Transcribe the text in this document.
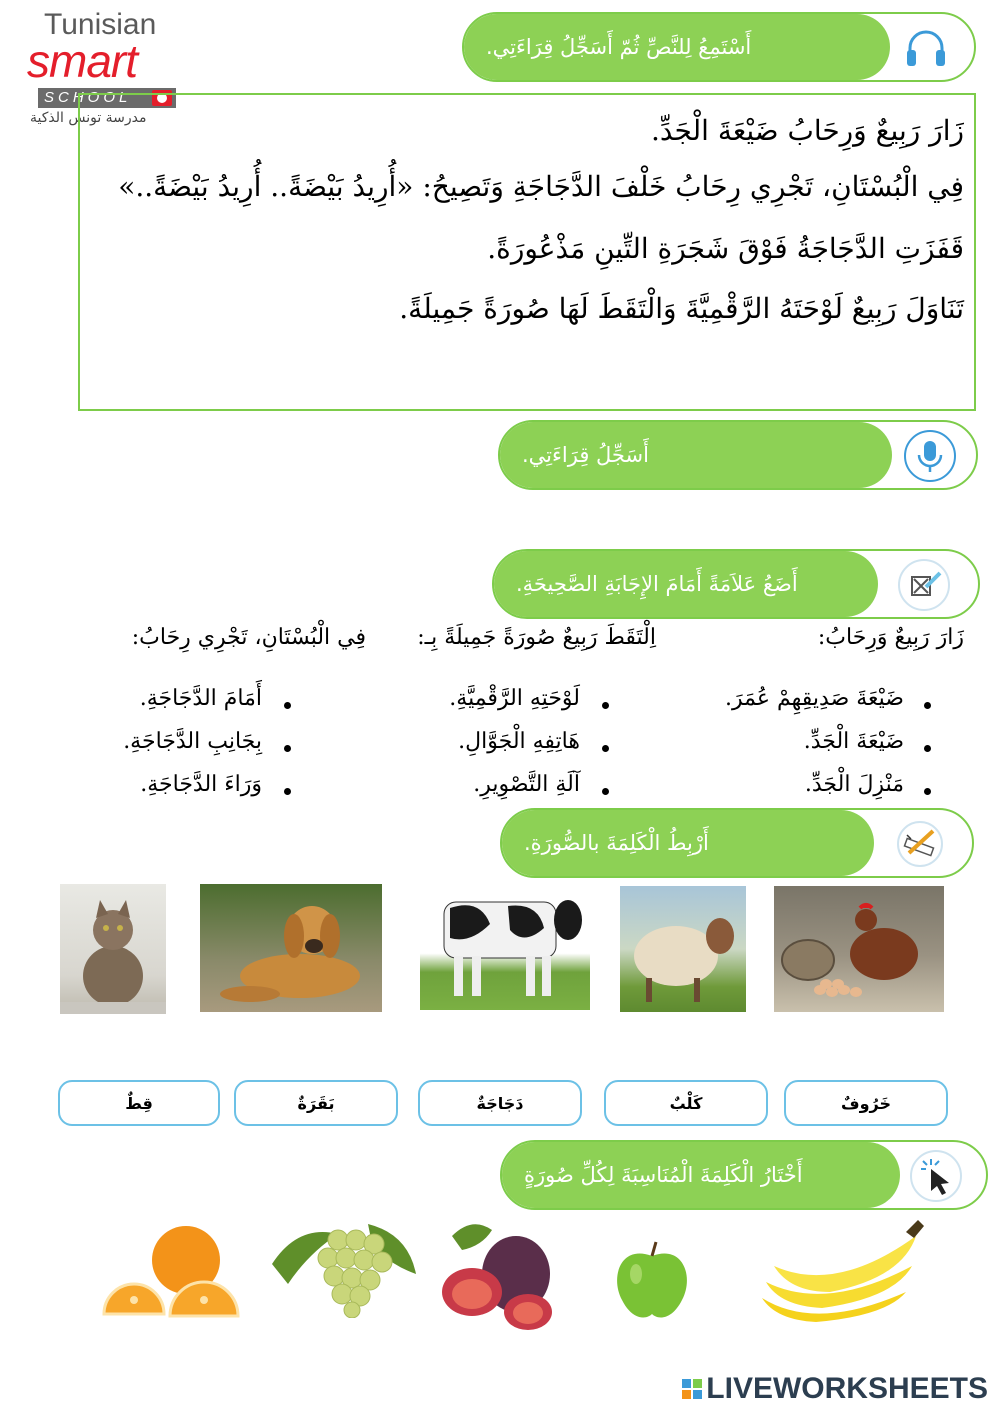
Tunisian
smart
SCHOOL
مدرسة تونس الذكية
أَسْتَمِعُ لِلنَّصِّ ثُمّ أَسَجِّلُ قِرَاءَتِي.

زَارَ رَبِيعٌ وَرِحَابُ ضَيْعَةَ الْجَدِّ.

فِي الْبُسْتَانِ، تَجْرِي رِحَابُ خَلْفَ الدَّجَاجَةِ وَتَصِيحُ: «أُرِيدُ بَيْضَةً.. أُرِيدُ بَيْضَةً..»

قَفَزَتِ الدَّجَاجَةُ فَوْقَ شَجَرَةِ التِّينِ مَذْعُورَةً.

تَنَاوَلَ رَبِيعٌ لَوْحَتَهُ الرَّقْمِيَّةَ وَالْتَقَطَ لَهَا صُورَةً جَمِيلَةً.

أَسَجِّلُ قِرَاءَتِي.
أَضَعُ عَلاَمَةً أَمَامَ الإِجَابَةِ الصَّحِيحَةِ.
زَارَ رَبِيعٌ وَرِحَابُ:
اِلْتَقَطَ رَبِيعٌ صُورَةً جَمِيلَةً بِـ:
فِي الْبُسْتَانِ، تَجْرِي رِحَابُ:
ضَيْعَةَ صَدِيقِهِمْ عُمَرَ.
ضَيْعَةَ الْجَدِّ.
مَنْزِلَ الْجَدِّ.
لَوْحَتِهِ الرَّقْمِيَّةِ.
هَاتِفِهِ الْجَوَّالِ.
آلَةِ التَّصْوِيرِ.
أَمَامَ الدَّجَاجَةِ.
بِجَانِبِ الدَّجَاجَةِ.
وَرَاءَ الدَّجَاجَةِ.
أَرْبِطُ الْكَلِمَةَ بالصُّورَةِ.
قِطٌ	بَقَرَةٌ	دَجَاجَةٌ	كَلْبٌ	خَرُوفٌ
أَخْتَارُ الْكَلِمَةَ الْمُنَاسِبَةَ لِكُلِّ صُورَةٍ
LIVEWORKSHEETS
